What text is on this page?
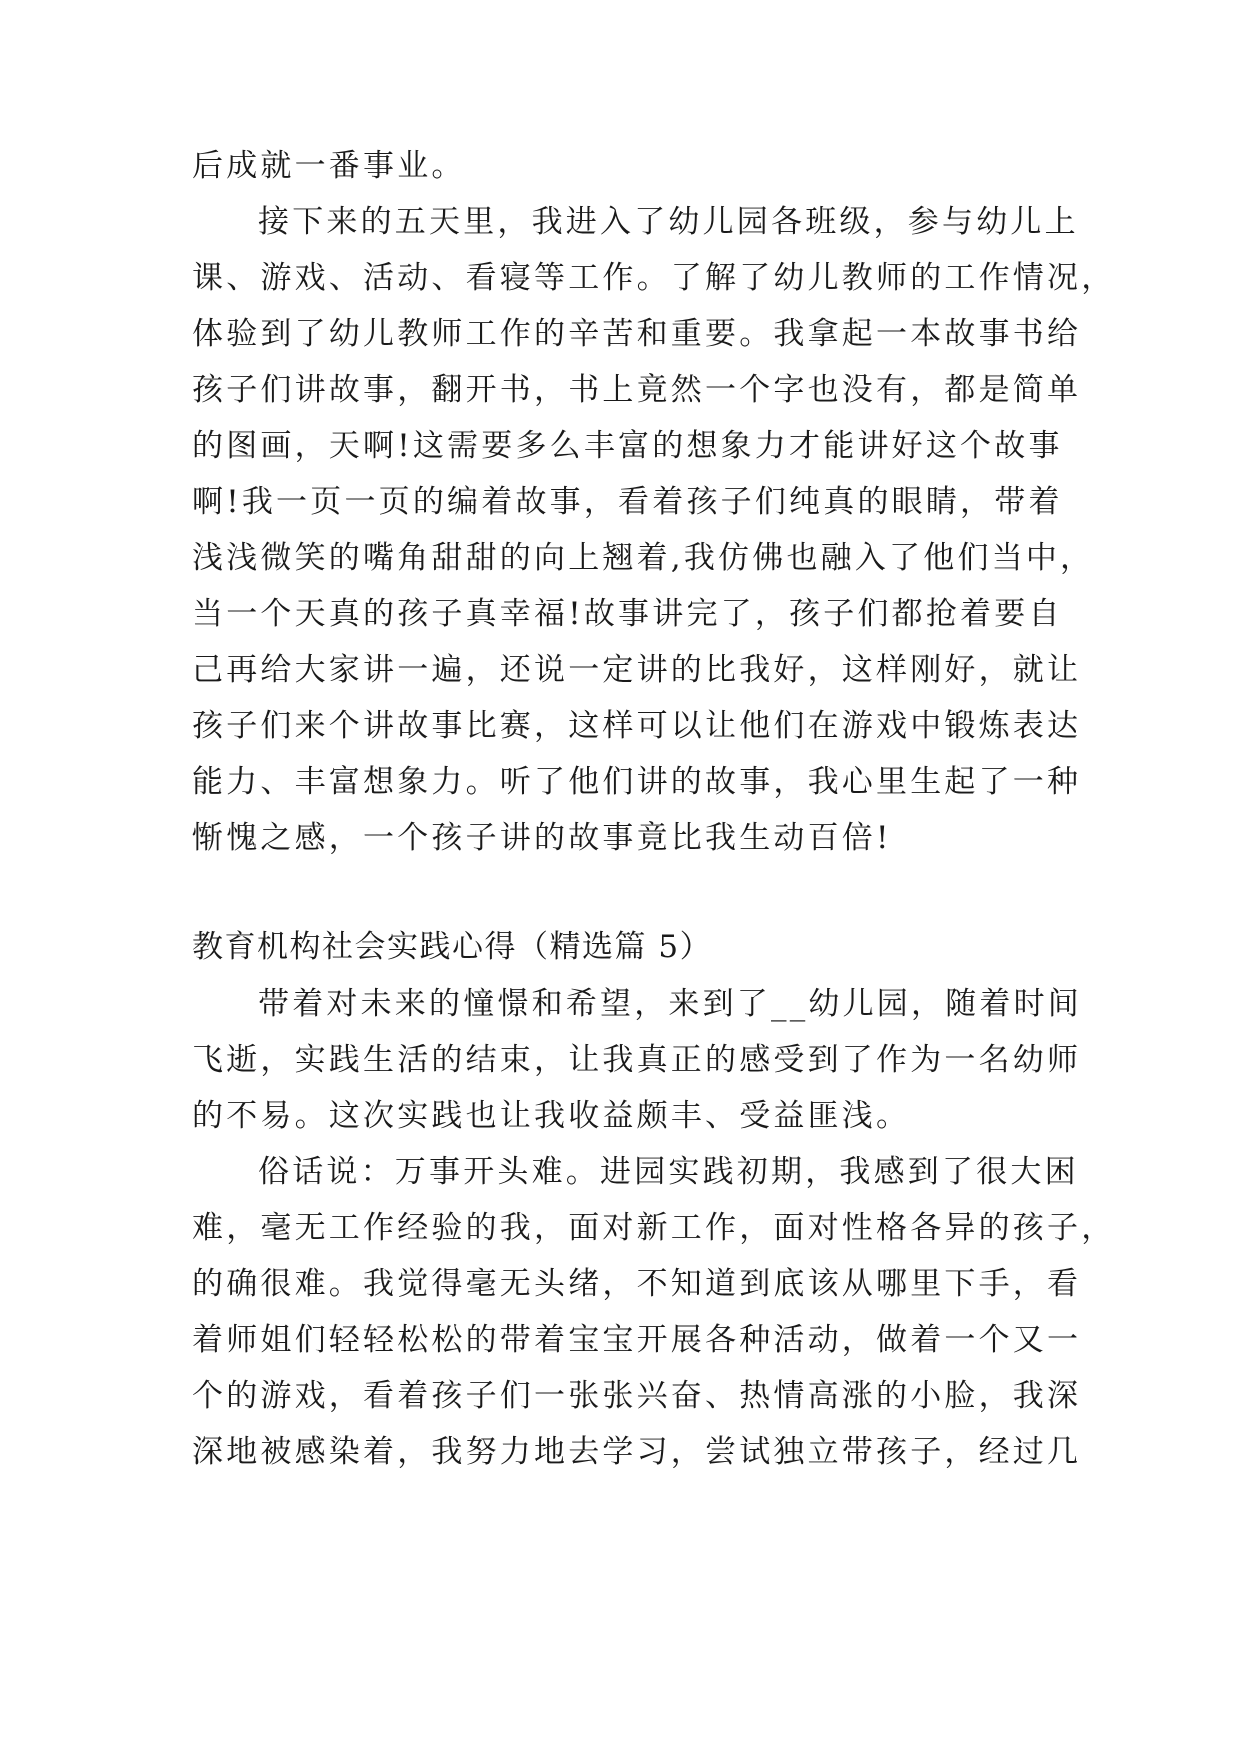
后成就一番事业。
接下来的五天里，我进入了幼儿园各班级，参与幼儿上
课、游戏、活动、看寝等工作。了解了幼儿教师的工作情况，
体验到了幼儿教师工作的辛苦和重要。我拿起一本故事书给
孩子们讲故事，翻开书，书上竟然一个字也没有，都是简单
的图画，天啊!这需要多么丰富的想象力才能讲好这个故事
啊!我一页一页的编着故事，看着孩子们纯真的眼睛，带着
浅浅微笑的嘴角甜甜的向上翘着,我仿佛也融入了他们当中，
当一个天真的孩子真幸福!故事讲完了，孩子们都抢着要自
己再给大家讲一遍，还说一定讲的比我好，这样刚好，就让
孩子们来个讲故事比赛，这样可以让他们在游戏中锻炼表达
能力、丰富想象力。听了他们讲的故事，我心里生起了一种
惭愧之感，一个孩子讲的故事竟比我生动百倍!
教育机构社会实践心得（精选篇 5）
带着对未来的憧憬和希望，来到了__幼儿园，随着时间
飞逝，实践生活的结束，让我真正的感受到了作为一名幼师
的不易。这次实践也让我收益颇丰、受益匪浅。
俗话说：万事开头难。进园实践初期，我感到了很大困
难，毫无工作经验的我，面对新工作，面对性格各异的孩子，
的确很难。我觉得毫无头绪，不知道到底该从哪里下手，看
着师姐们轻轻松松的带着宝宝开展各种活动，做着一个又一
个的游戏，看着孩子们一张张兴奋、热情高涨的小脸，我深
深地被感染着，我努力地去学习，尝试独立带孩子，经过几
